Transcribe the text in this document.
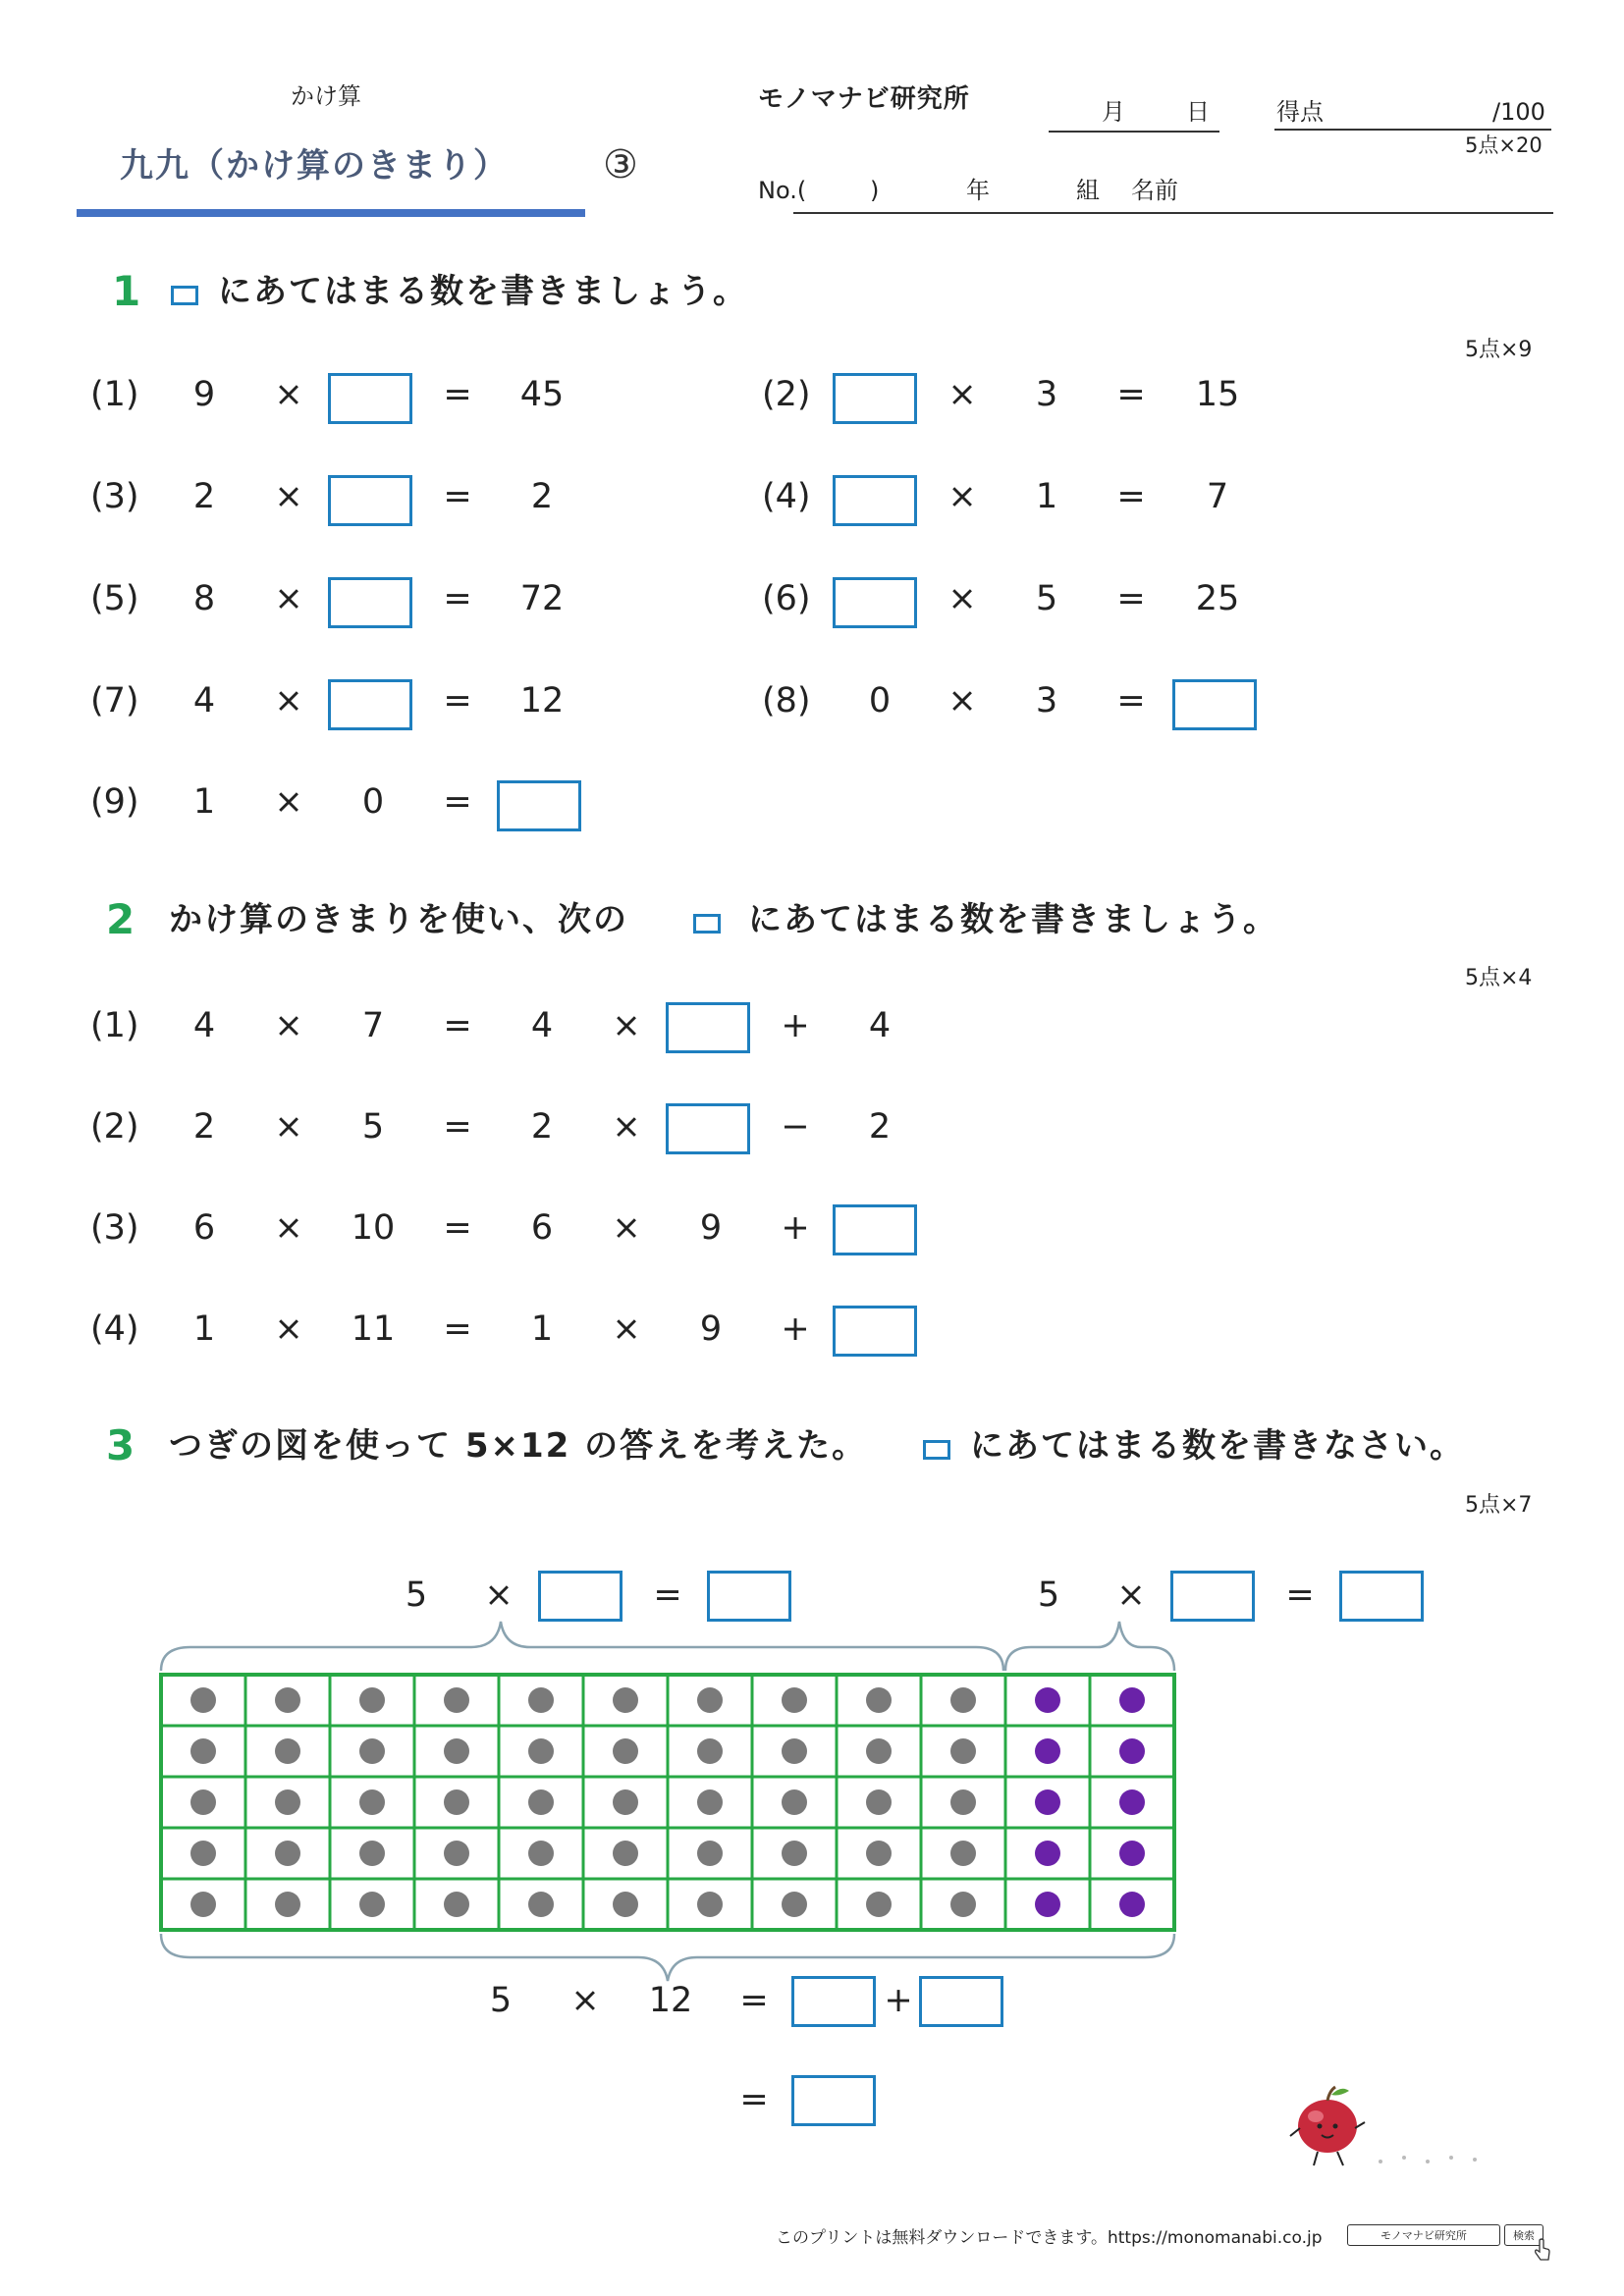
かけ算
九九（かけ算のきまり） ③
モノマナビ研究所	月	日	得点	/100
5点×20
No.(	)	年	組 名前
1 にあてはまる数を書きましょう。
5点×9
(1) 9 ×	=	45	(2)	× 3 =	15
(3) 2 ×	=	2	(4)	× 1 =	7
(5) 8 ×	=	72	(6)	× 5 =	25
(7) 4 ×	=	12	(8) 0 × 3 =
(9) 1 × 0 =
2 かけ算のきまりを使い、次の	にあてはまる数を書きましょう。
5点×4
(1) 4 × 7 = 4 ×	+ 4
(2) 2 × 5 = 2 ×	− 2
(3) 6 ×	10	= 6 × 9 +
(4) 1 ×	11	= 1 × 9 +
3 つぎの図を使って 5×12 の答えを考えた。	にあてはまる数を書きなさい。
5点×7
5 ×	=	5 ×	=
5 ×	12	=	+
=
このプリントは無料ダウンロードできます。https://monomanabi.co.jp	モノマナビ研究所	検索
